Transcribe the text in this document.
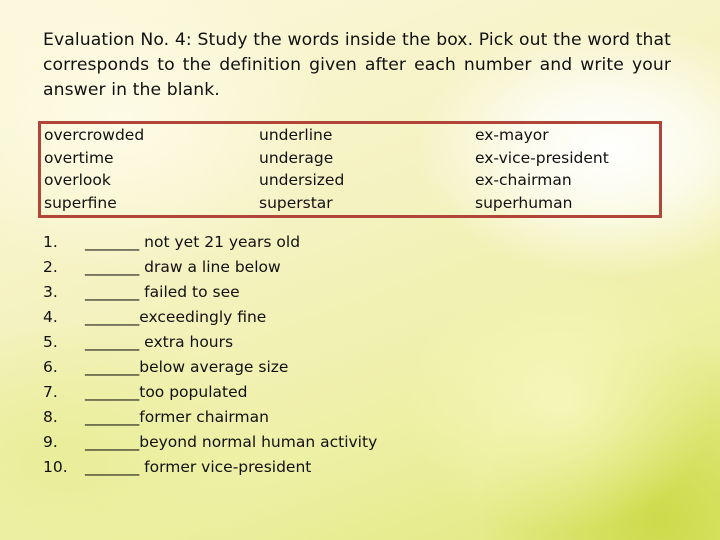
Evaluation No. 4: Study the words inside the box. Pick out the word that corresponds to the definition given after each number and write your answer in the blank.
overcrowded
overtime
overlook
superfine
underline
underage
undersized
superstar
ex-mayor
ex-vice-president
ex-chairman
superhuman
1. _______ not yet 21 years old
2. _______ draw a line below
3. _______ failed to see
4. _______exceedingly fine
5. _______ extra hours
6. _______below average size
7. _______too populated
8. _______former chairman
9. _______beyond normal human activity
10. _______ former vice-president
